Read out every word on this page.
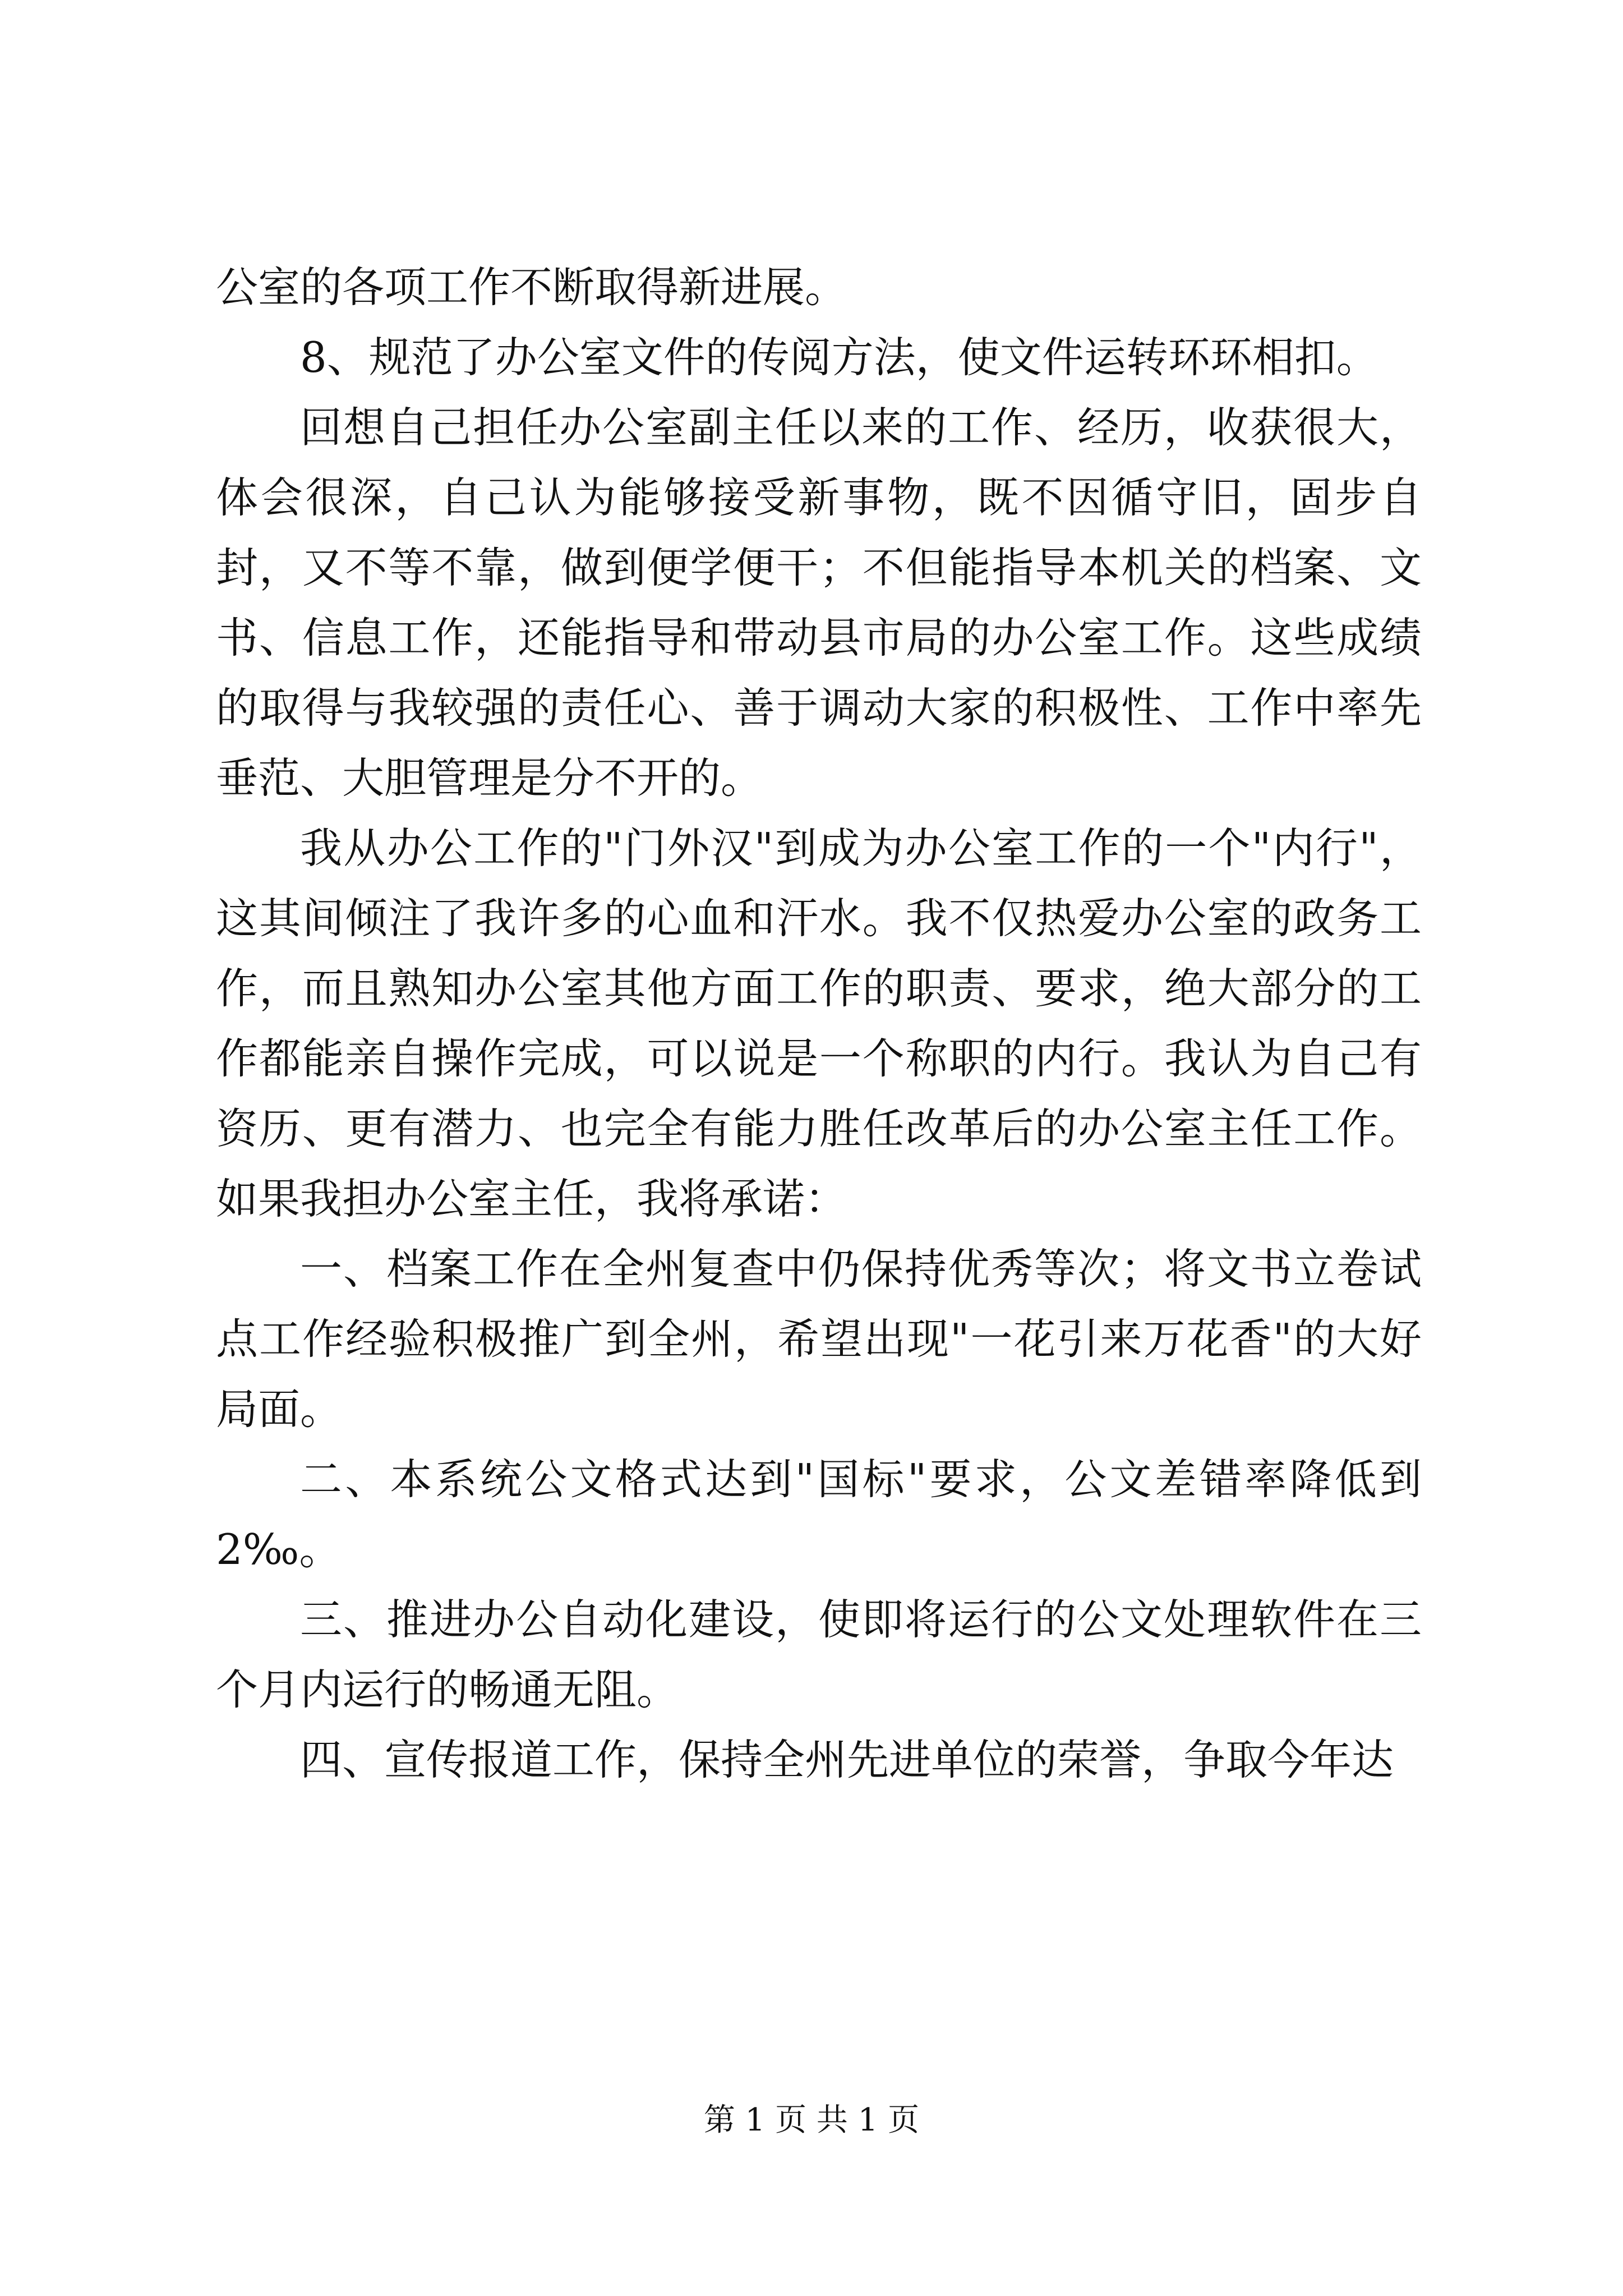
公室的各项工作不断取得新进展。

8、规范了办公室文件的传阅方法，使文件运转环环相扣。

回想自己担任办公室副主任以来的工作、经历，收获很大，体会很深，自己认为能够接受新事物，既不因循守旧，固步自封，又不等不靠，做到便学便干；不但能指导本机关的档案、文书、信息工作，还能指导和带动县市局的办公室工作。这些成绩的取得与我较强的责任心、善于调动大家的积极性、工作中率先垂范、大胆管理是分不开的。

我从办公工作的"门外汉"到成为办公室工作的一个"内行"，这其间倾注了我许多的心血和汗水。我不仅热爱办公室的政务工作，而且熟知办公室其他方面工作的职责、要求，绝大部分的工作都能亲自操作完成，可以说是一个称职的内行。我认为自己有资历、更有潜力、也完全有能力胜任改革后的办公室主任工作。如果我担办公室主任，我将承诺：

一、档案工作在全州复查中仍保持优秀等次；将文书立卷试点工作经验积极推广到全州，希望出现"一花引来万花香"的大好局面。

二、本系统公文格式达到"国标"要求，公文差错率降低到2‰。

三、推进办公自动化建设，使即将运行的公文处理软件在三个月内运行的畅通无阻。

四、宣传报道工作，保持全州先进单位的荣誉，争取今年达

第 1 页 共 1 页
